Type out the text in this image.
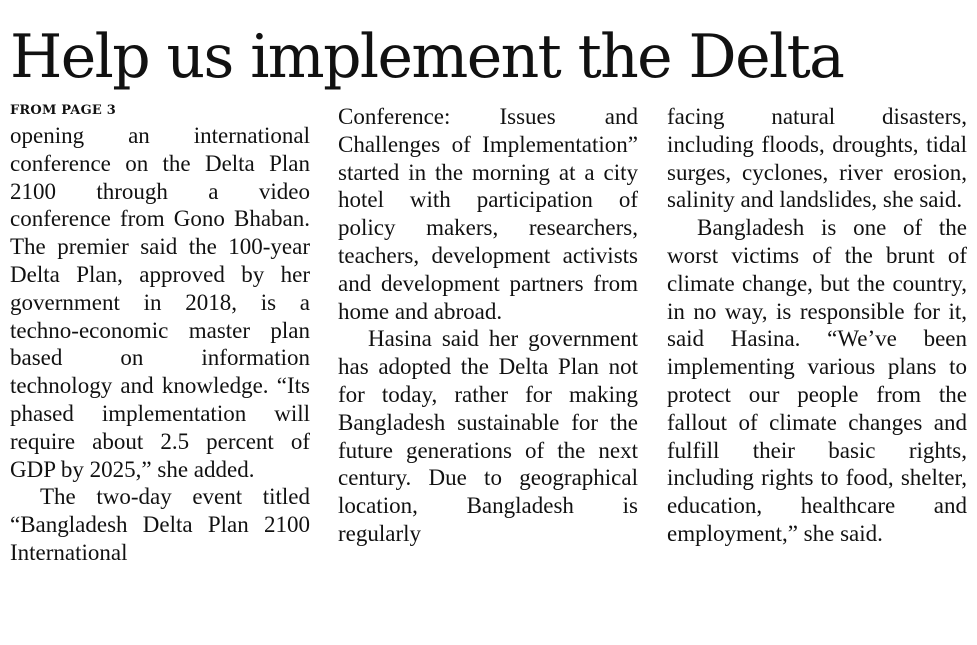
Help us implement the Delta
FROM PAGE 3

opening an international conference on the Delta Plan 2100 through a video conference from Gono Bhaban. The premier said the 100-year Delta Plan, approved by her government in 2018, is a techno-economic master plan based on information technology and knowledge. “Its phased implementation will require about 2.5 percent of GDP by 2025,” she added.

The two-day event titled “Bangladesh Delta Plan 2100 International

Conference: Issues and Challenges of Implementation” started in the morning at a city hotel with participation of policy makers, researchers, teachers, development activists and development partners from home and abroad.

Hasina said her government has adopted the Delta Plan not for today, rather for making Bangladesh sustainable for the future generations of the next century. Due to geographical location, Bangladesh is regularly

facing natural disasters, including floods, droughts, tidal surges, cyclones, river erosion, salinity and landslides, she said.

Bangladesh is one of the worst victims of the brunt of climate change, but the country, in no way, is responsible for it, said Hasina. “We’ve been implementing various plans to protect our people from the fallout of climate changes and fulfill their basic rights, including rights to food, shelter, education, healthcare and employment,” she said.
